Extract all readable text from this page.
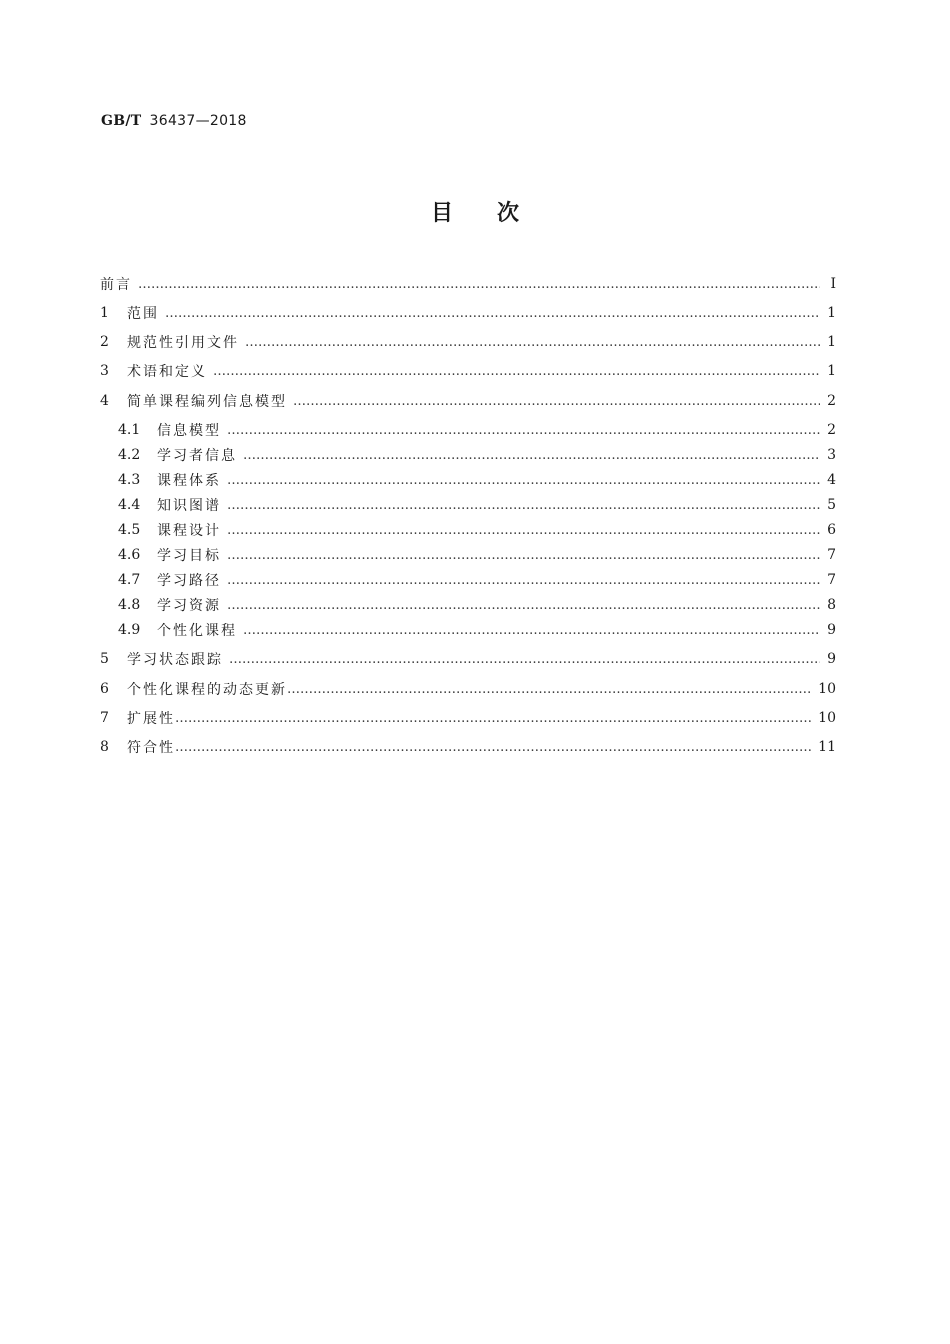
GB/T 36437—2018
目次
前言 …………………………………………………………………………………………………………………………………………………………………	Ⅰ
1	范围 …………………………………………………………………………………………………………………………………………………………………	1
2	规范性引用文件 …………………………………………………………………………………………………………………………………………………………………	1
3	术语和定义 …………………………………………………………………………………………………………………………………………………………………	1
4	简单课程编列信息模型 …………………………………………………………………………………………………………………………………………………………………	2
4.1	信息模型 …………………………………………………………………………………………………………………………………………………………………	2
4.2	学习者信息 …………………………………………………………………………………………………………………………………………………………………	3
4.3	课程体系 …………………………………………………………………………………………………………………………………………………………………	4
4.4	知识图谱 …………………………………………………………………………………………………………………………………………………………………	5
4.5	课程设计 …………………………………………………………………………………………………………………………………………………………………	6
4.6	学习目标 …………………………………………………………………………………………………………………………………………………………………	7
4.7	学习路径 …………………………………………………………………………………………………………………………………………………………………	7
4.8	学习资源 …………………………………………………………………………………………………………………………………………………………………	8
4.9	个性化课程 …………………………………………………………………………………………………………………………………………………………………	9
5	学习状态跟踪 …………………………………………………………………………………………………………………………………………………………………	9
6	个性化课程的动态更新 …………………………………………………………………………………………………………………………………………………………………	10
7	扩展性 …………………………………………………………………………………………………………………………………………………………………	10
8	符合性 …………………………………………………………………………………………………………………………………………………………………	11
